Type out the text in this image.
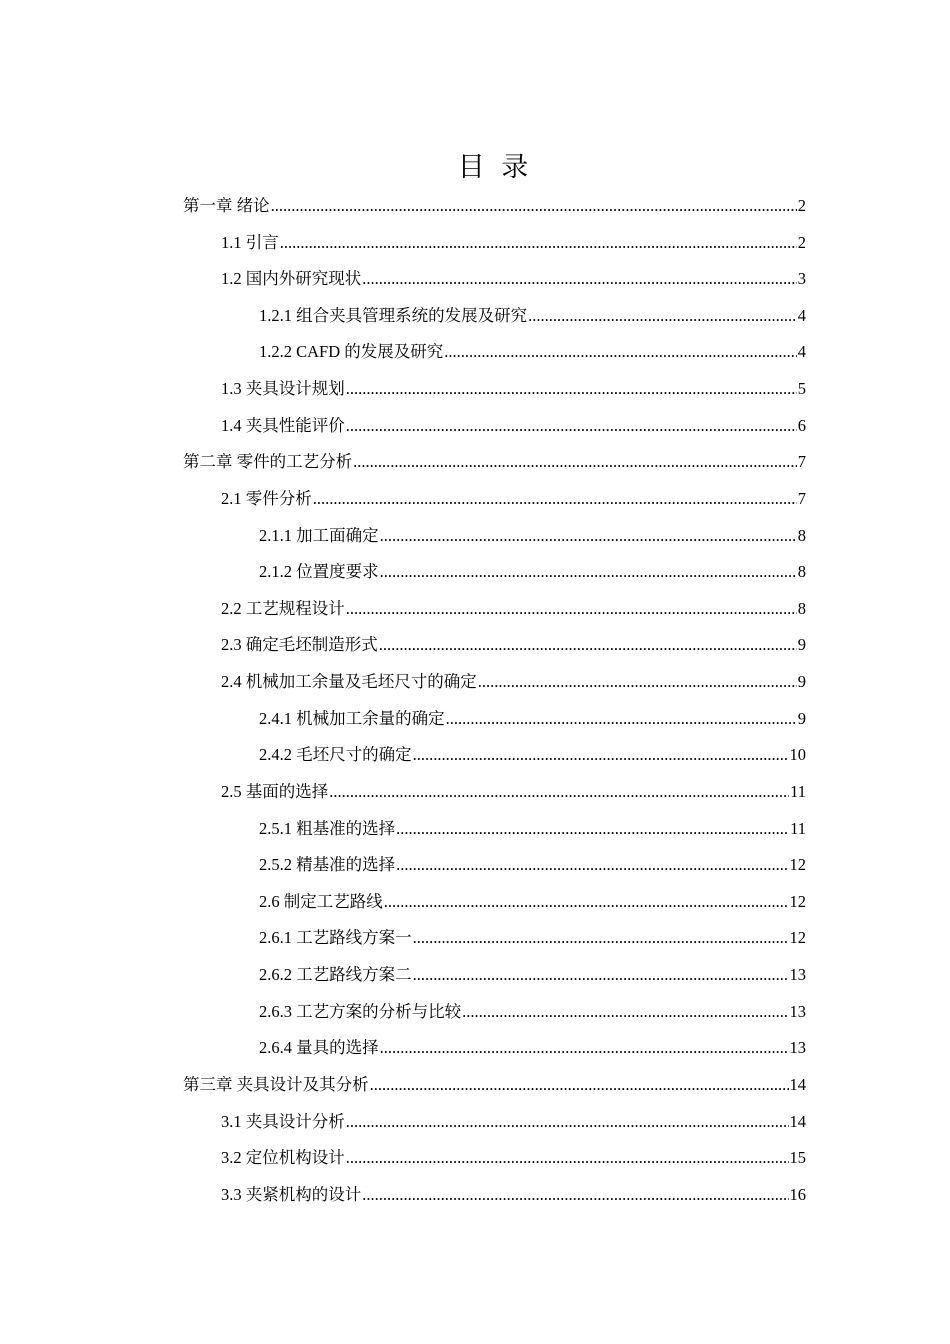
目 录
第一章 绪论 .....	2
1.1 引言 .....	2
1.2 国内外研究现状 .....	3
1.2.1 组合夹具管理系统的发展及研究 .....	4
1.2.2 CAFD 的发展及研究 .....	4
1.3 夹具设计规划 .....	5
1.4 夹具性能评价 .....	6
第二章 零件的工艺分析 .....	7
2.1 零件分析 .....	7
2.1.1 加工面确定 .....	8
2.1.2 位置度要求 .....	8
2.2 工艺规程设计 .....	8
2.3 确定毛坯制造形式 .....	9
2.4 机械加工余量及毛坯尺寸的确定 .....	9
2.4.1 机械加工余量的确定 .....	9
2.4.2 毛坯尺寸的确定 .....	10
2.5 基面的选择 .....	11
2.5.1 粗基准的选择 .....	11
2.5.2 精基准的选择 .....	12
2.6 制定工艺路线 .....	12
2.6.1 工艺路线方案一 .....	12
2.6.2 工艺路线方案二 .....	13
2.6.3 工艺方案的分析与比较 .....	13
2.6.4 量具的选择 .....	13
第三章 夹具设计及其分析 .....	14
3.1 夹具设计分析 .....	14
3.2 定位机构设计 .....	15
3.3 夹紧机构的设计 .....	16
